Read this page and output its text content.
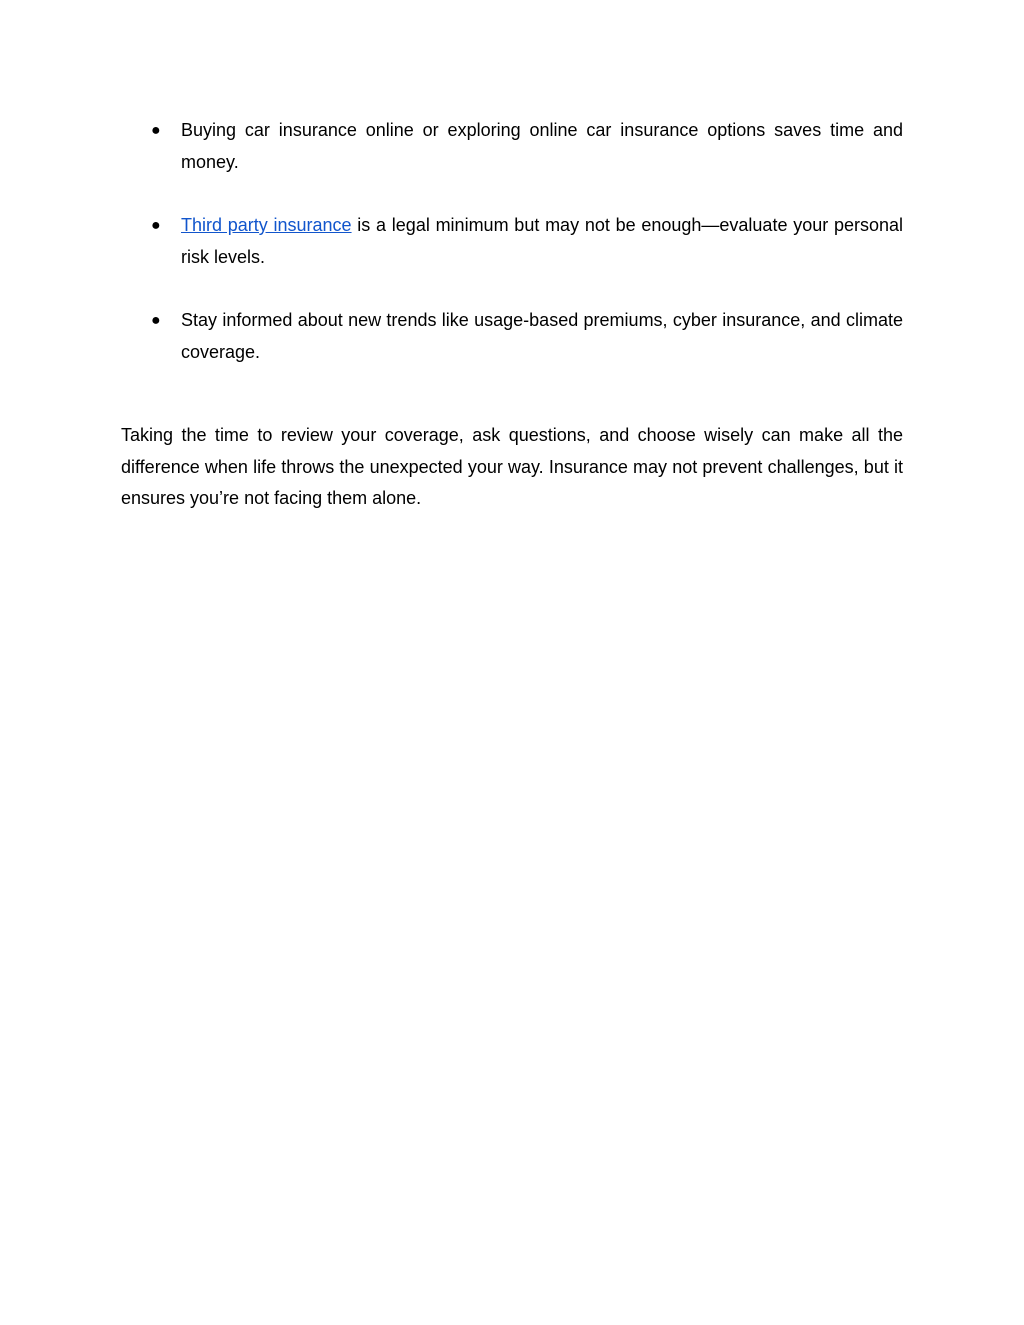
● Buying car insurance online or exploring online car insurance options saves time and money.
● Third party insurance is a legal minimum but may not be enough—evaluate your personal risk levels.
● Stay informed about new trends like usage-based premiums, cyber insurance, and climate coverage.

Taking the time to review your coverage, ask questions, and choose wisely can make all the difference when life throws the unexpected your way. Insurance may not prevent challenges, but it ensures you’re not facing them alone.
